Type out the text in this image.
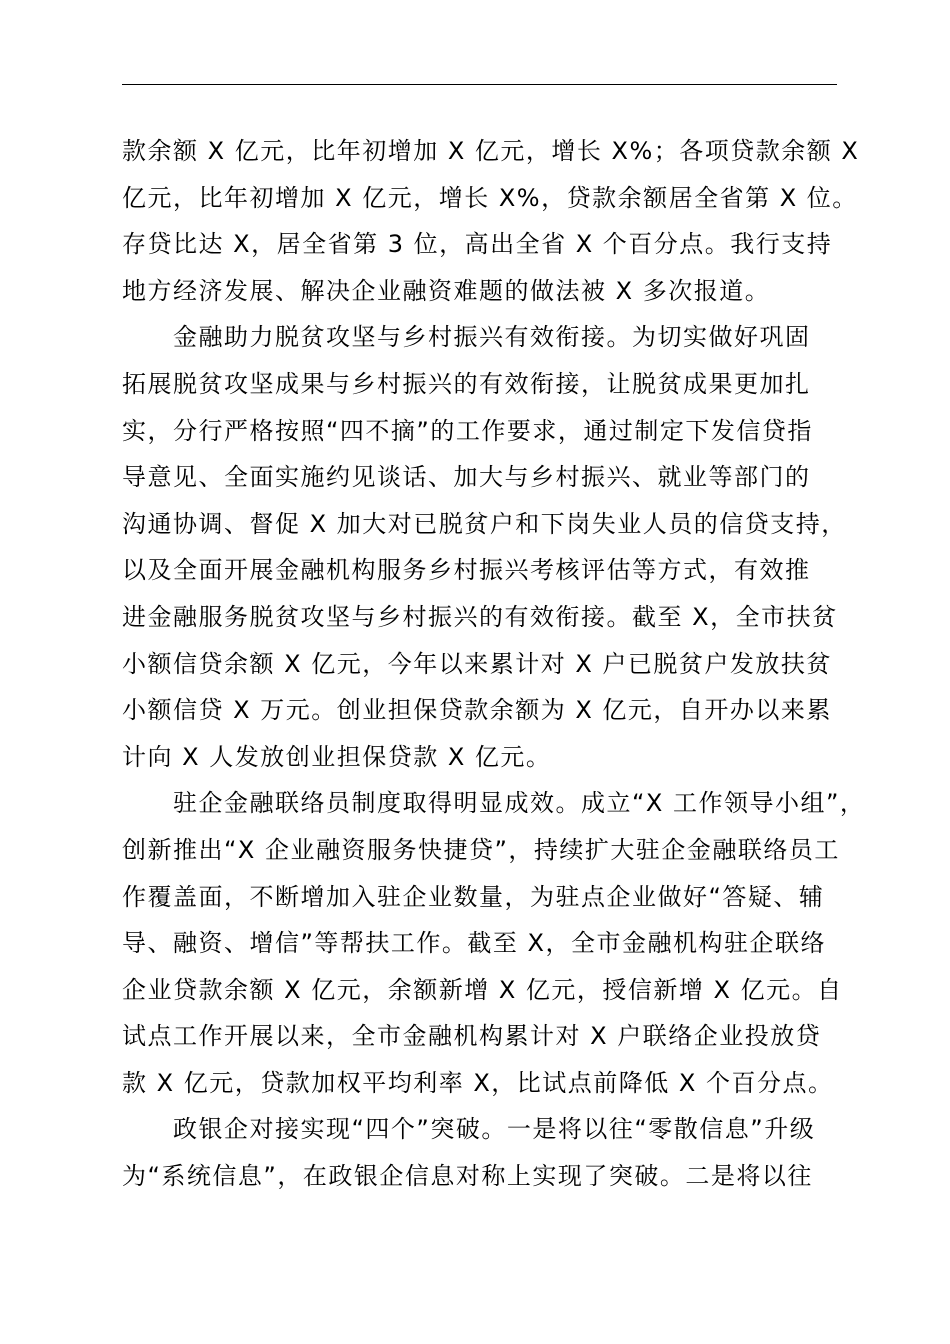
款余额 X 亿元，比年初增加 X 亿元，增长 X%；各项贷款余额 X
亿元，比年初增加 X 亿元，增长 X%，贷款余额居全省第 X 位。
存贷比达 X，居全省第 3 位，高出全省 X 个百分点。我行支持
地方经济发展、解决企业融资难题的做法被 X 多次报道。
金融助力脱贫攻坚与乡村振兴有效衔接。为切实做好巩固
拓展脱贫攻坚成果与乡村振兴的有效衔接，让脱贫成果更加扎
实，分行严格按照“四不摘”的工作要求，通过制定下发信贷指
导意见、全面实施约见谈话、加大与乡村振兴、就业等部门的
沟通协调、督促 X 加大对已脱贫户和下岗失业人员的信贷支持，
以及全面开展金融机构服务乡村振兴考核评估等方式，有效推
进金融服务脱贫攻坚与乡村振兴的有效衔接。截至 X，全市扶贫
小额信贷余额 X 亿元，今年以来累计对 X 户已脱贫户发放扶贫
小额信贷 X 万元。创业担保贷款余额为 X 亿元，自开办以来累
计向 X 人发放创业担保贷款 X 亿元。
驻企金融联络员制度取得明显成效。成立“X 工作领导小组”，
创新推出“X 企业融资服务快捷贷”，持续扩大驻企金融联络员工
作覆盖面，不断增加入驻企业数量，为驻点企业做好“答疑、辅
导、融资、增信”等帮扶工作。截至 X，全市金融机构驻企联络
企业贷款余额 X 亿元，余额新增 X 亿元，授信新增 X 亿元。自
试点工作开展以来，全市金融机构累计对 X 户联络企业投放贷
款 X 亿元，贷款加权平均利率 X，比试点前降低 X 个百分点。
政银企对接实现“四个”突破。一是将以往“零散信息”升级
为“系统信息”，在政银企信息对称上实现了突破。二是将以往
